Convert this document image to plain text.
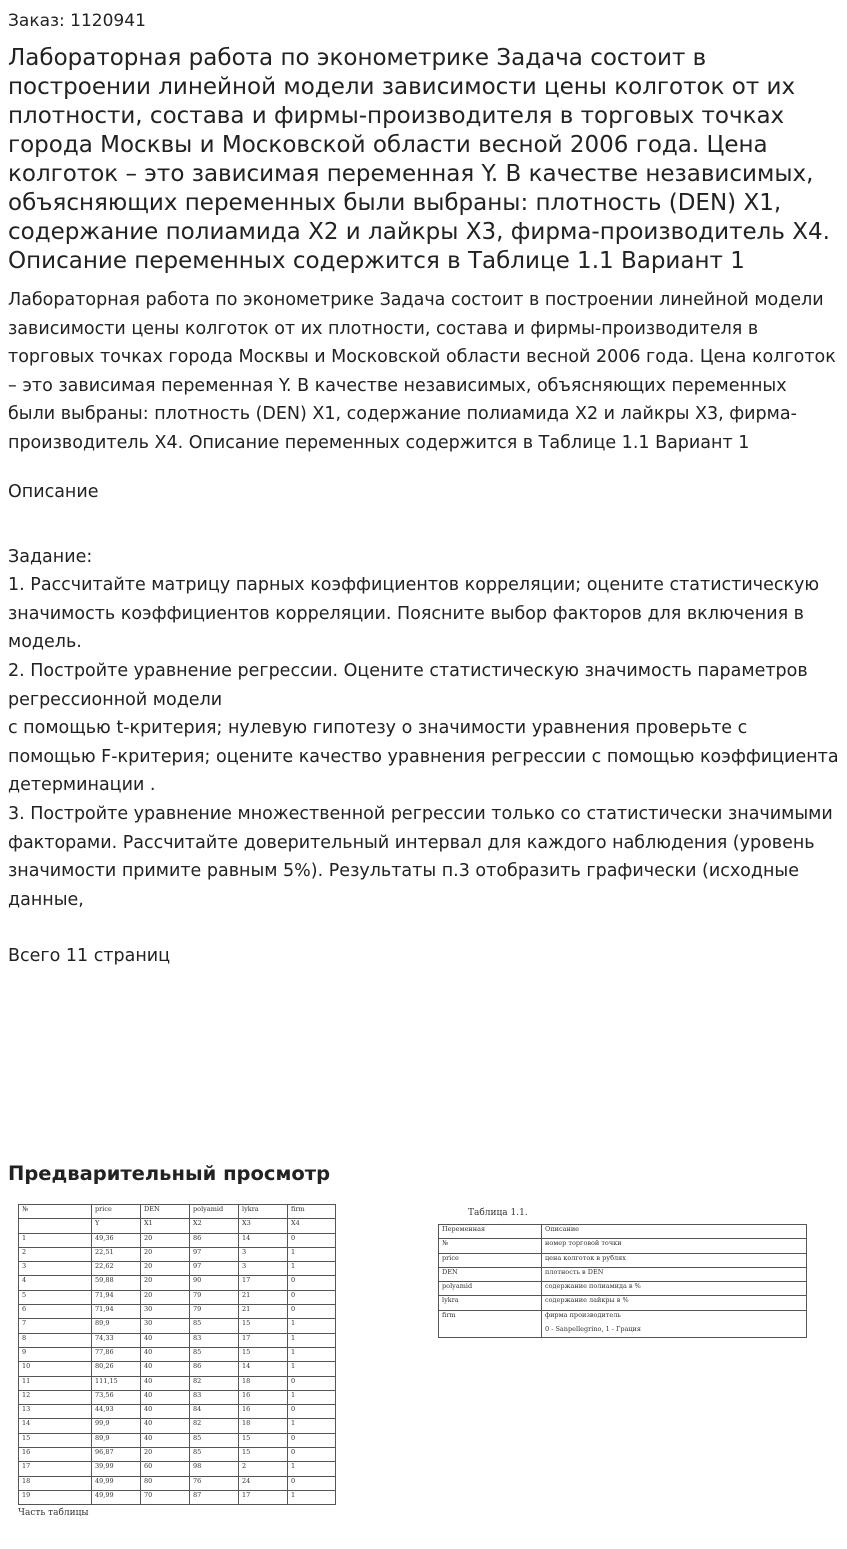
Заказ: 1120941
Лабораторная работа по эконометрике Задача состоит в построении линейной модели зависимости цены колготок от их плотности, состава и фирмы-производителя в торговых точках города Москвы и Московской области весной 2006 года. Цена колготок – это зависимая переменная Y. В качестве независимых, объясняющих переменных были выбраны: плотность (DEN) X1, содержание полиамида X2 и лайкры X3, фирма-производитель X4. Описание переменных содержится в Таблице 1.1 Вариант 1

Лабораторная работа по эконометрике Задача состоит в построении линейной модели зависимости цены колготок от их плотности, состава и фирмы-производителя в торговых точках города Москвы и Московской области весной 2006 года. Цена колготок – это зависимая переменная Y. В качестве независимых, объясняющих переменных были выбраны: плотность (DEN) X1, содержание полиамида X2 и лайкры X3, фирма-производитель X4. Описание переменных содержится в Таблице 1.1 Вариант 1

Описание
Задание:

1. Рассчитайте матрицу парных коэффициентов корреляции; оцените статистическую значимость коэффициентов корреляции. Поясните выбор факторов для включения в модель.

2. Постройте уравнение регрессии. Оцените статистическую значимость параметров регрессионной модели

с помощью t-критерия; нулевую гипотезу о значимости уравнения проверьте с помощью F-критерия; оцените качество уравнения регрессии с помощью коэффициента детерминации .

3. Постройте уравнение множественной регрессии только со статистически значимыми факторами. Рассчитайте доверительный интервал для каждого наблюдения (уровень значимости примите равным 5%). Результаты п.3 отобразить графически (исходные данные,

Всего 11 страниц
Предварительный просмотр
№	price	DEN	polyamid	lykra	firm
	Y	X1	X2	X3	X4
1	49,36	20	86	14	0
2	22,51	20	97	3	1
3	22,62	20	97	3	1
4	59,88	20	90	17	0
5	71,94	20	79	21	0
6	71,94	30	79	21	0
7	89,9	30	85	15	1
8	74,33	40	83	17	1
9	77,86	40	85	15	1
10	80,26	40	86	14	1
11	111,15	40	82	18	0
12	73,56	40	83	16	1
13	44,93	40	84	16	0
14	99,9	40	82	18	1
15	89,9	40	85	15	0
16	96,87	20	85	15	0
17	39,99	60	98	2	1
18	49,99	80	76	24	0
19	49,99	70	87	17	1
Часть таблицы
Таблица 1.1.
Переменная	Описание
№	номер торговой точки
price	цена колготок в рублях
DEN	плотность в DEN
polyamid	содержание полиамида в %
lykra	содержание лайкры в %
firm	фирма производитель
0 - Sanpellegrino, 1 - Грация
